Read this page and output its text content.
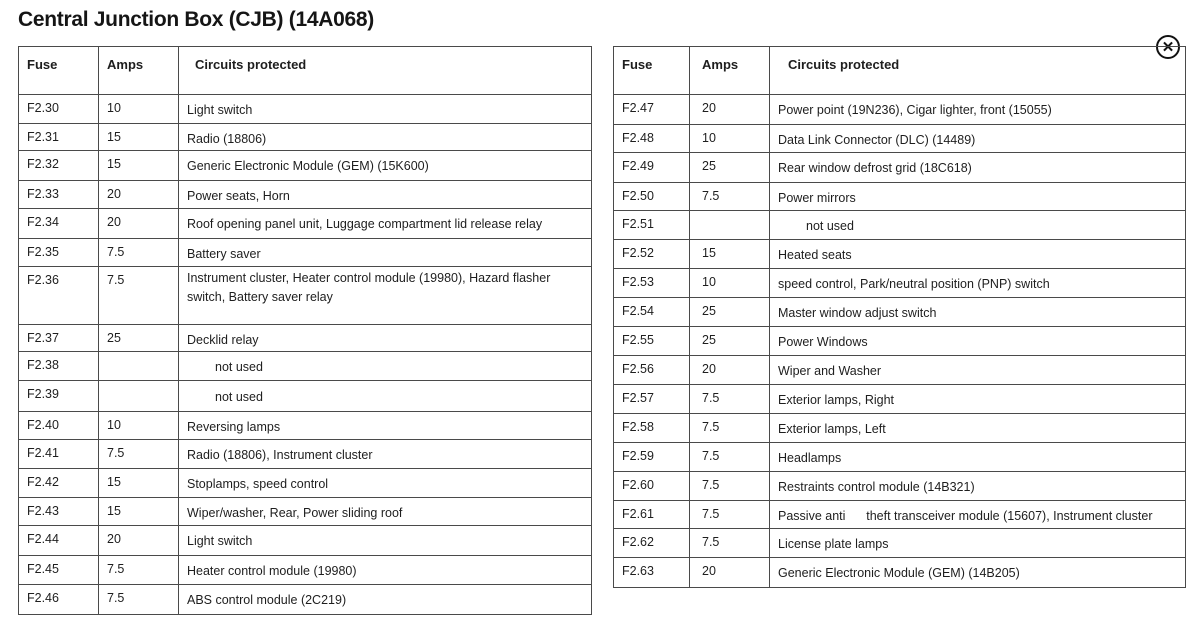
Central Junction Box (CJB) (14A068)
✕
Fuse	Amps	Circuits protected
F2.30	10	Light switch
F2.31	15	Radio (18806)
F2.32	15	Generic Electronic Module (GEM) (15K600)
F2.33	20	Power seats, Horn
F2.34	20	Roof opening panel unit, Luggage compartment lid release relay
F2.35	7.5	Battery saver
F2.36	7.5	Instrument cluster, Heater control module (19980), Hazard flasher switch, Battery saver relay
F2.37	25	Decklid relay
F2.38		not used
F2.39		not used
F2.40	10	Reversing lamps
F2.41	7.5	Radio (18806), Instrument cluster
F2.42	15	Stoplamps, speed control
F2.43	15	Wiper/washer, Rear, Power sliding roof
F2.44	20	Light switch
F2.45	7.5	Heater control module (19980)
F2.46	7.5	ABS control module (2C219)
Fuse	Amps	Circuits protected
F2.47	20	Power point (19N236), Cigar lighter, front (15055)
F2.48	10	Data Link Connector (DLC) (14489)
F2.49	25	Rear window defrost grid (18C618)
F2.50	7.5	Power mirrors
F2.51		not used
F2.52	15	Heated seats
F2.53	10	speed control, Park/neutral position (PNP) switch
F2.54	25	Master window adjust switch
F2.55	25	Power Windows
F2.56	20	Wiper and Washer
F2.57	7.5	Exterior lamps, Right
F2.58	7.5	Exterior lamps, Left
F2.59	7.5	Headlamps
F2.60	7.5	Restraints control module (14B321)
F2.61	7.5	Passive anti      theft transceiver module (15607), Instrument cluster
F2.62	7.5	License plate lamps
F2.63	20	Generic Electronic Module (GEM) (14B205)
